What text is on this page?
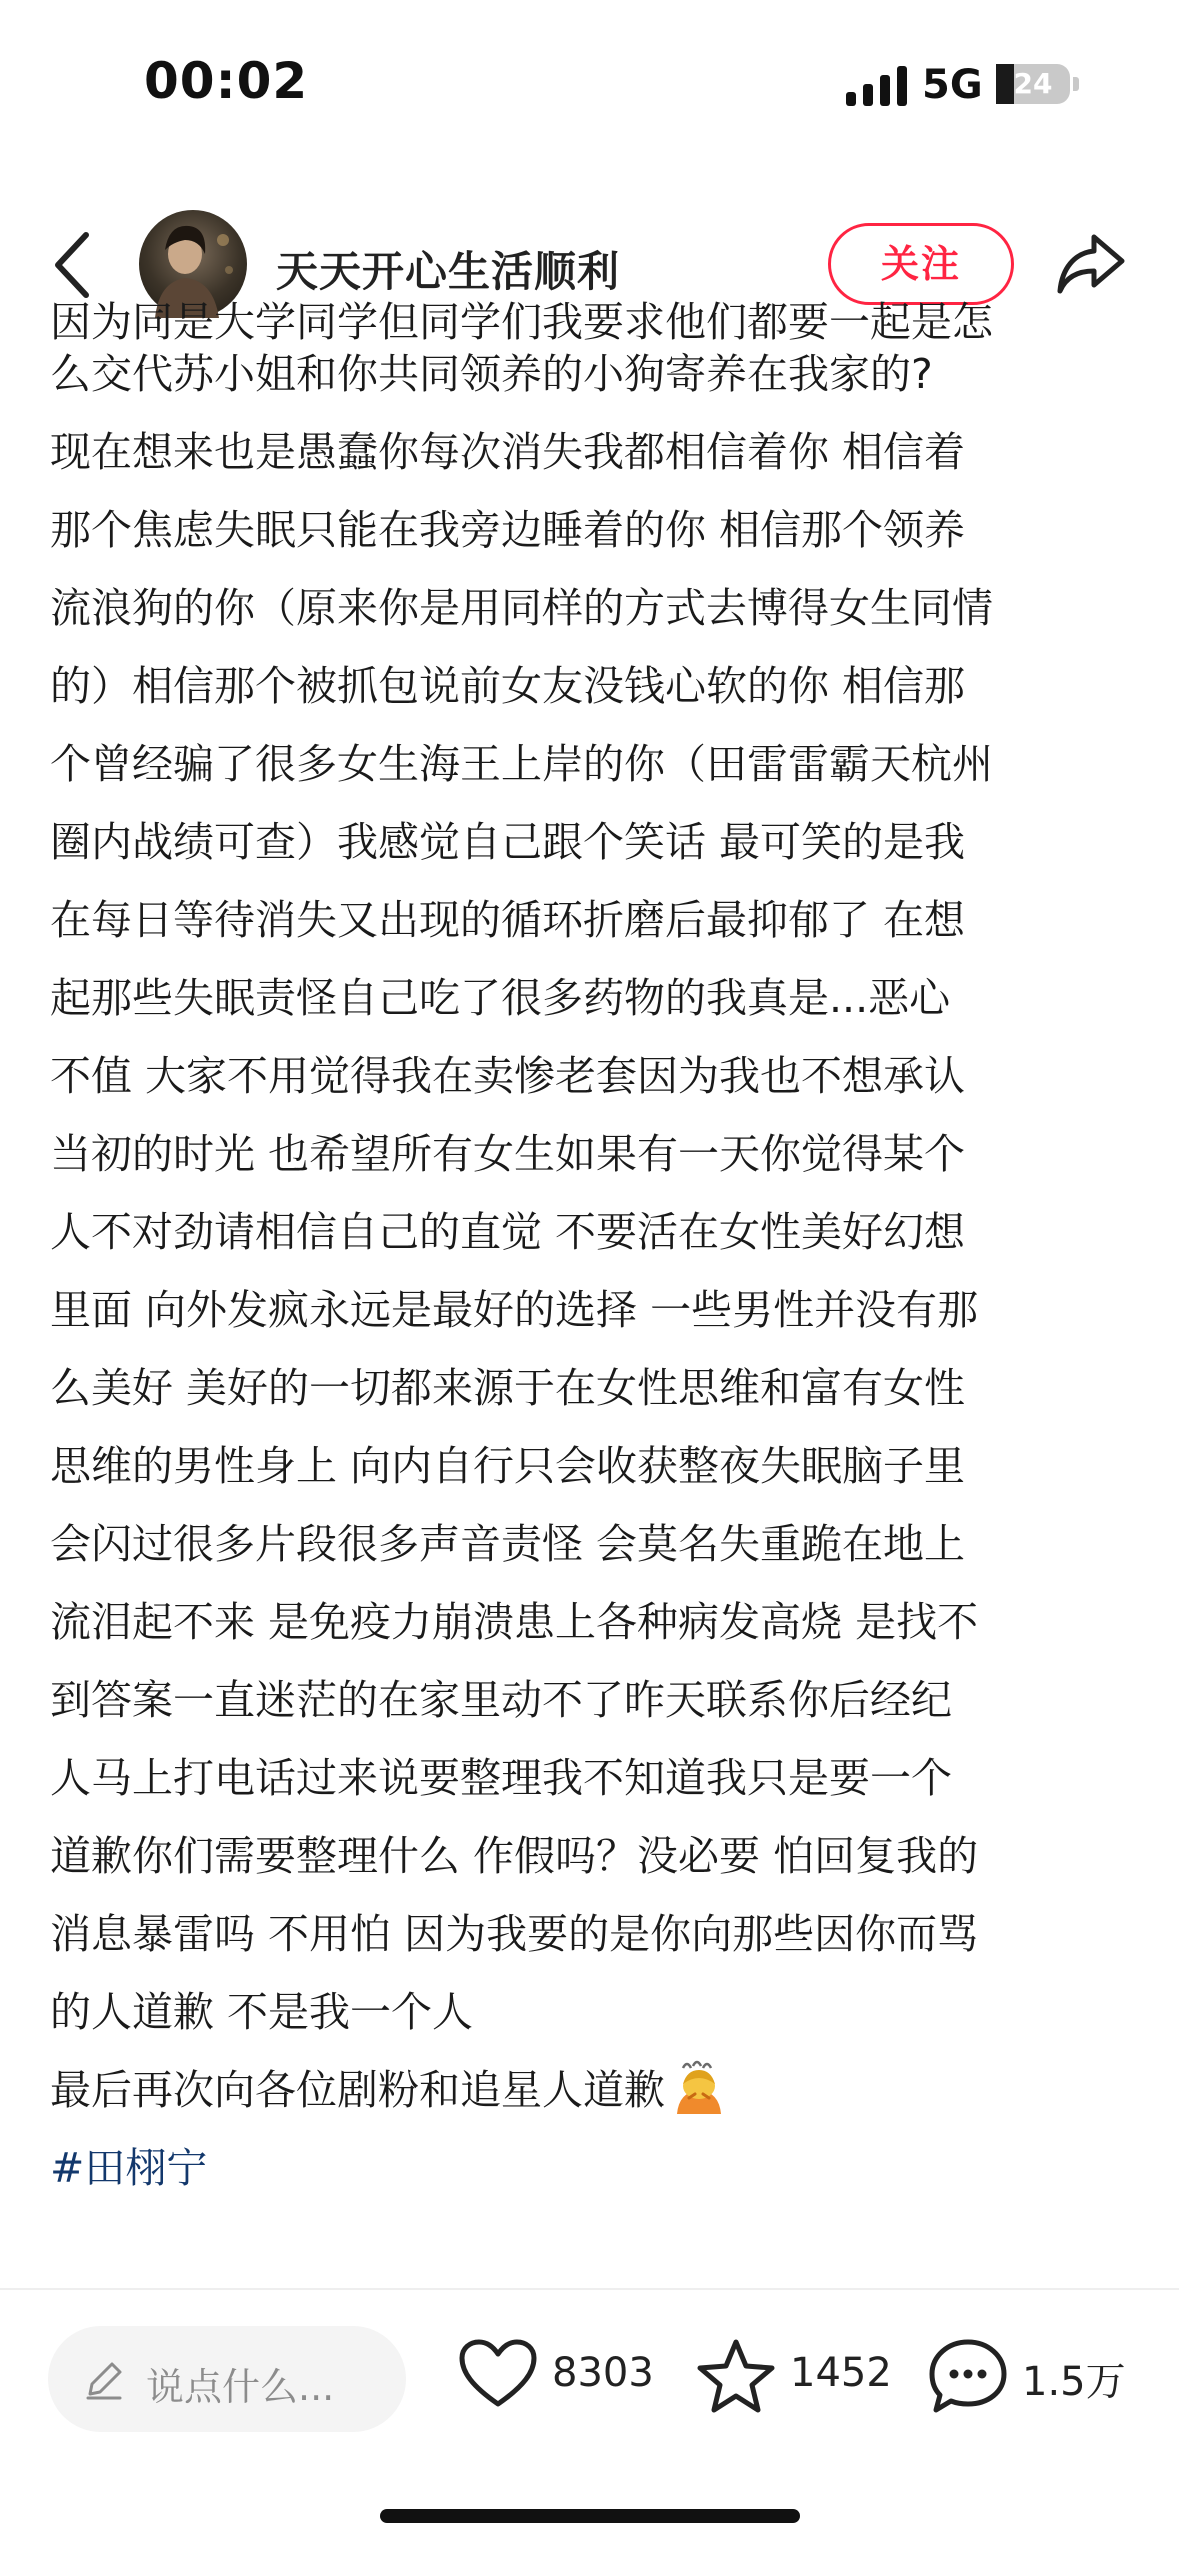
00:02	5G	24
天天开心生活顺利	关注
因为同是大学同学但同学们我要求他们都要一起是怎
么交代苏小姐和你共同领养的小狗寄养在我家的?
现在想来也是愚蠢你每次消失我都相信着你 相信着
那个焦虑失眠只能在我旁边睡着的你 相信那个领养
流浪狗的你（原来你是用同样的方式去博得女生同情
的）相信那个被抓包说前女友没钱心软的你 相信那
个曾经骗了很多女生海王上岸的你（田雷雷霸天杭州
圈内战绩可查）我感觉自己跟个笑话 最可笑的是我
在每日等待消失又出现的循环折磨后最抑郁了 在想
起那些失眠责怪自己吃了很多药物的我真是...恶心
不值 大家不用觉得我在卖惨老套因为我也不想承认
当初的时光 也希望所有女生如果有一天你觉得某个
人不对劲请相信自己的直觉 不要活在女性美好幻想
里面 向外发疯永远是最好的选择 一些男性并没有那
么美好 美好的一切都来源于在女性思维和富有女性
思维的男性身上 向内自行只会收获整夜失眠脑子里
会闪过很多片段很多声音责怪 会莫名失重跪在地上
流泪起不来 是免疫力崩溃患上各种病发高烧 是找不
到答案一直迷茫的在家里动不了昨天联系你后经纪
人马上打电话过来说要整理我不知道我只是要一个
道歉你们需要整理什么 作假吗？没必要 怕回复我的
消息暴雷吗 不用怕 因为我要的是你向那些因你而骂
的人道歉 不是我一个人
最后再次向各位剧粉和追星人道歉
#田栩宁
说点什么...	8303	1452	1.5万
